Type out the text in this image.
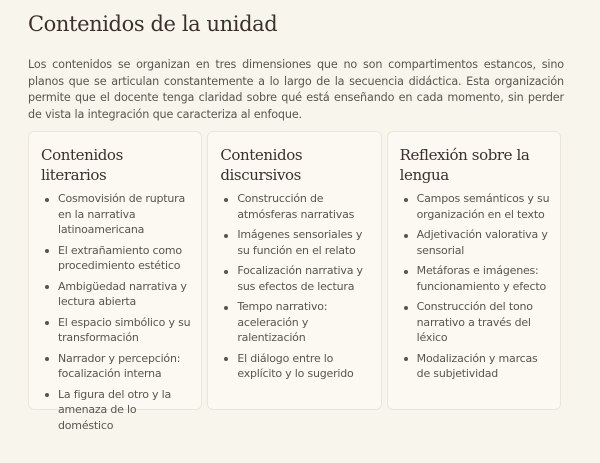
Contenidos de la unidad

Los contenidos se organizan en tres dimensiones que no son compartimentos estancos, sino planos que se articulan constantemente a lo largo de la secuencia didáctica. Esta organización permite que el docente tenga claridad sobre qué está enseñando en cada momento, sin perder de vista la integración que caracteriza al enfoque.

Contenidos literarios
Cosmovisión de ruptura en la narrativa latinoamericana
El extrañamiento como procedimiento estético
Ambigüedad narrativa y lectura abierta
El espacio simbólico y su transformación
Narrador y percepción: focalización interna
La figura del otro y la amenaza de lo doméstico
Contenidos discursivos
Construcción de atmósferas narrativas
Imágenes sensoriales y su función en el relato
Focalización narrativa y sus efectos de lectura
Tempo narrativo: aceleración y ralentización
El diálogo entre lo explícito y lo sugerido
Reflexión sobre la lengua
Campos semánticos y su organización en el texto
Adjetivación valorativa y sensorial
Metáforas e imágenes: funcionamiento y efecto
Construcción del tono narrativo a través del léxico
Modalización y marcas de subjetividad
